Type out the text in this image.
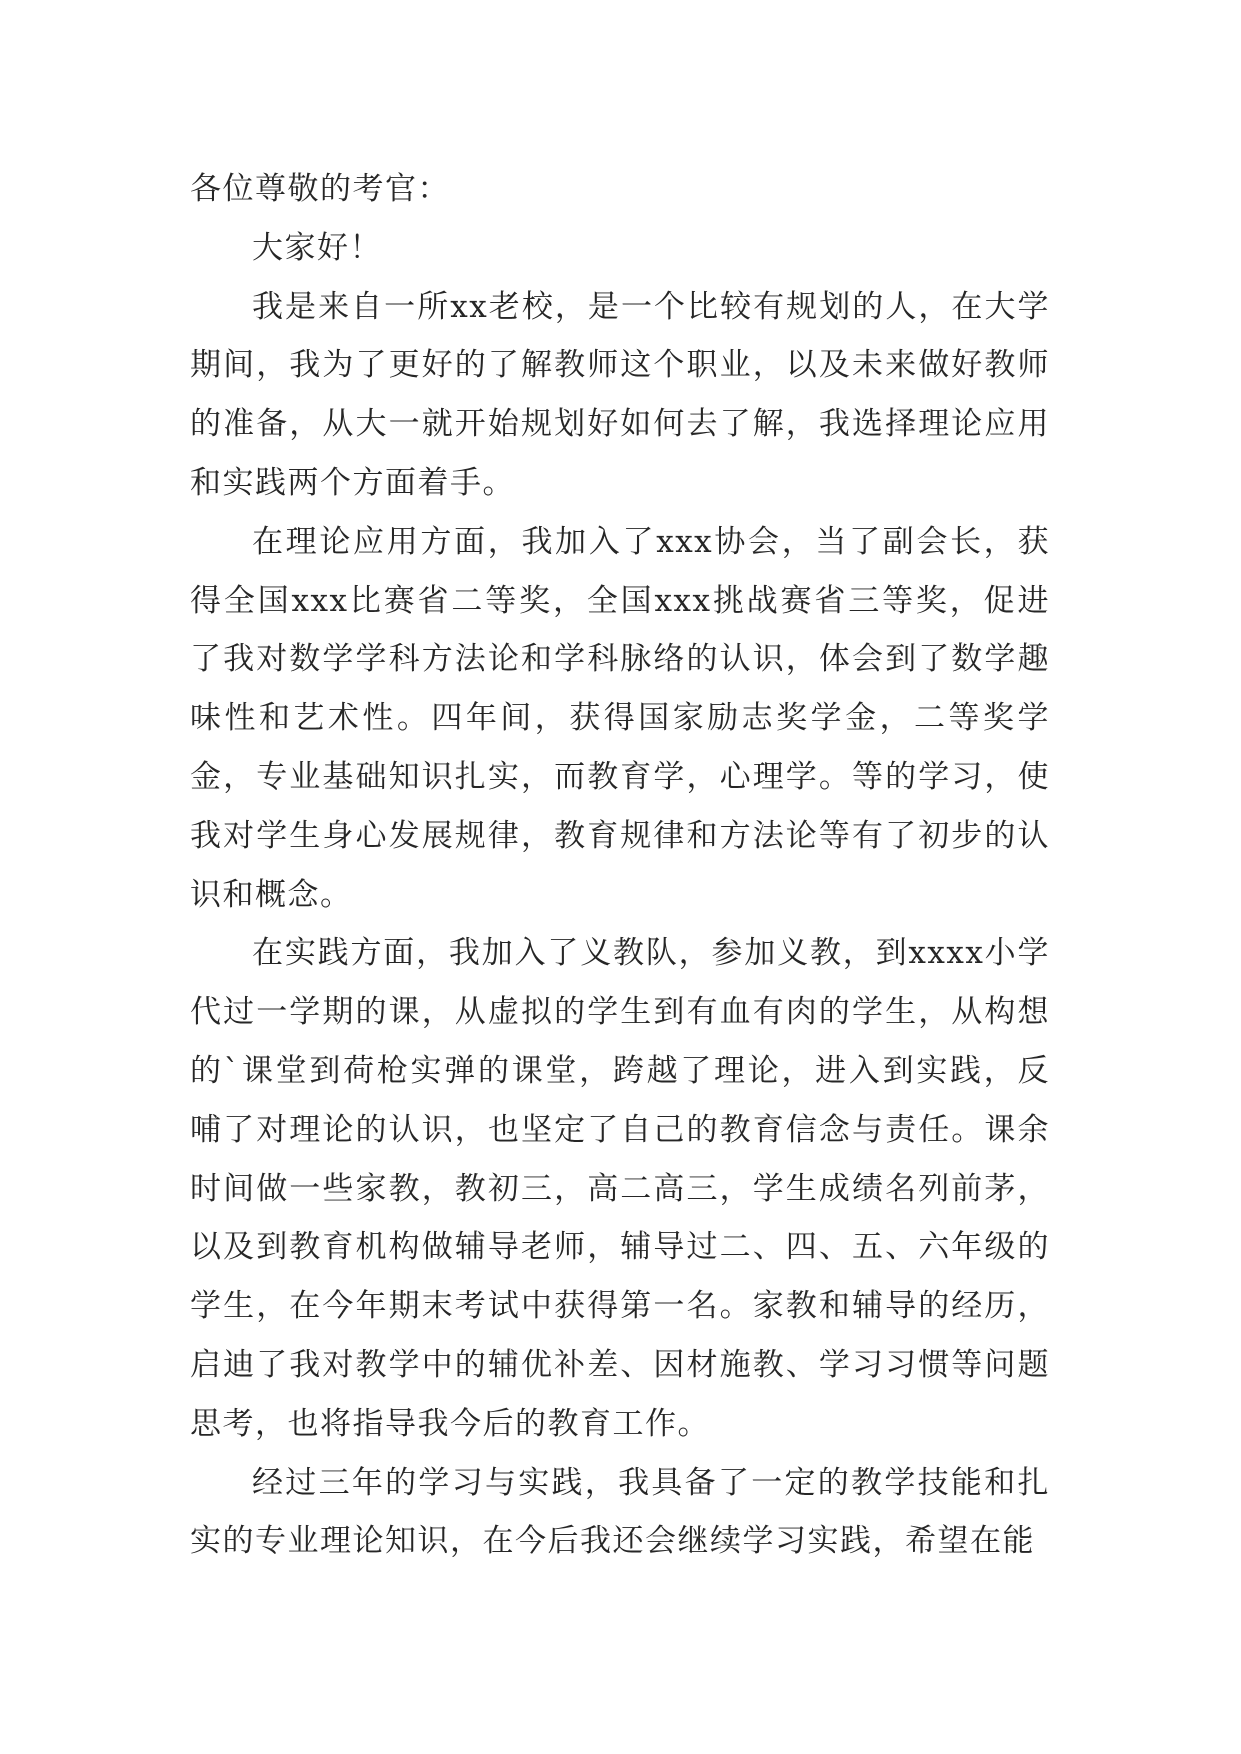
各位尊敬的考官：

大家好！

我是来自一所xx老校，是一个比较有规划的人，在大学期间，我为了更好的了解教师这个职业，以及未来做好教师的准备，从大一就开始规划好如何去了解，我选择理论应用和实践两个方面着手。

在理论应用方面，我加入了xxx协会，当了副会长，获得全国xxx比赛省二等奖，全国xxx挑战赛省三等奖，促进了我对数学学科方法论和学科脉络的认识，体会到了数学趣味性和艺术性。四年间，获得国家励志奖学金，二等奖学金，专业基础知识扎实，而教育学，心理学。等的学习，使我对学生身心发展规律，教育规律和方法论等有了初步的认识和概念。

在实践方面，我加入了义教队，参加义教，到xxxx小学代过一学期的课，从虚拟的学生到有血有肉的学生，从构想的`课堂到荷枪实弹的课堂，跨越了理论，进入到实践，反哺了对理论的认识，也坚定了自己的教育信念与责任。课余时间做一些家教，教初三，高二高三，学生成绩名列前茅，以及到教育机构做辅导老师，辅导过二、四、五、六年级的学生，在今年期末考试中获得第一名。家教和辅导的经历，启迪了我对教学中的辅优补差、因材施教、学习习惯等问题思考，也将指导我今后的教育工作。

经过三年的学习与实践，我具备了一定的教学技能和扎实的专业理论知识，在今后我还会继续学习实践，希望在能
